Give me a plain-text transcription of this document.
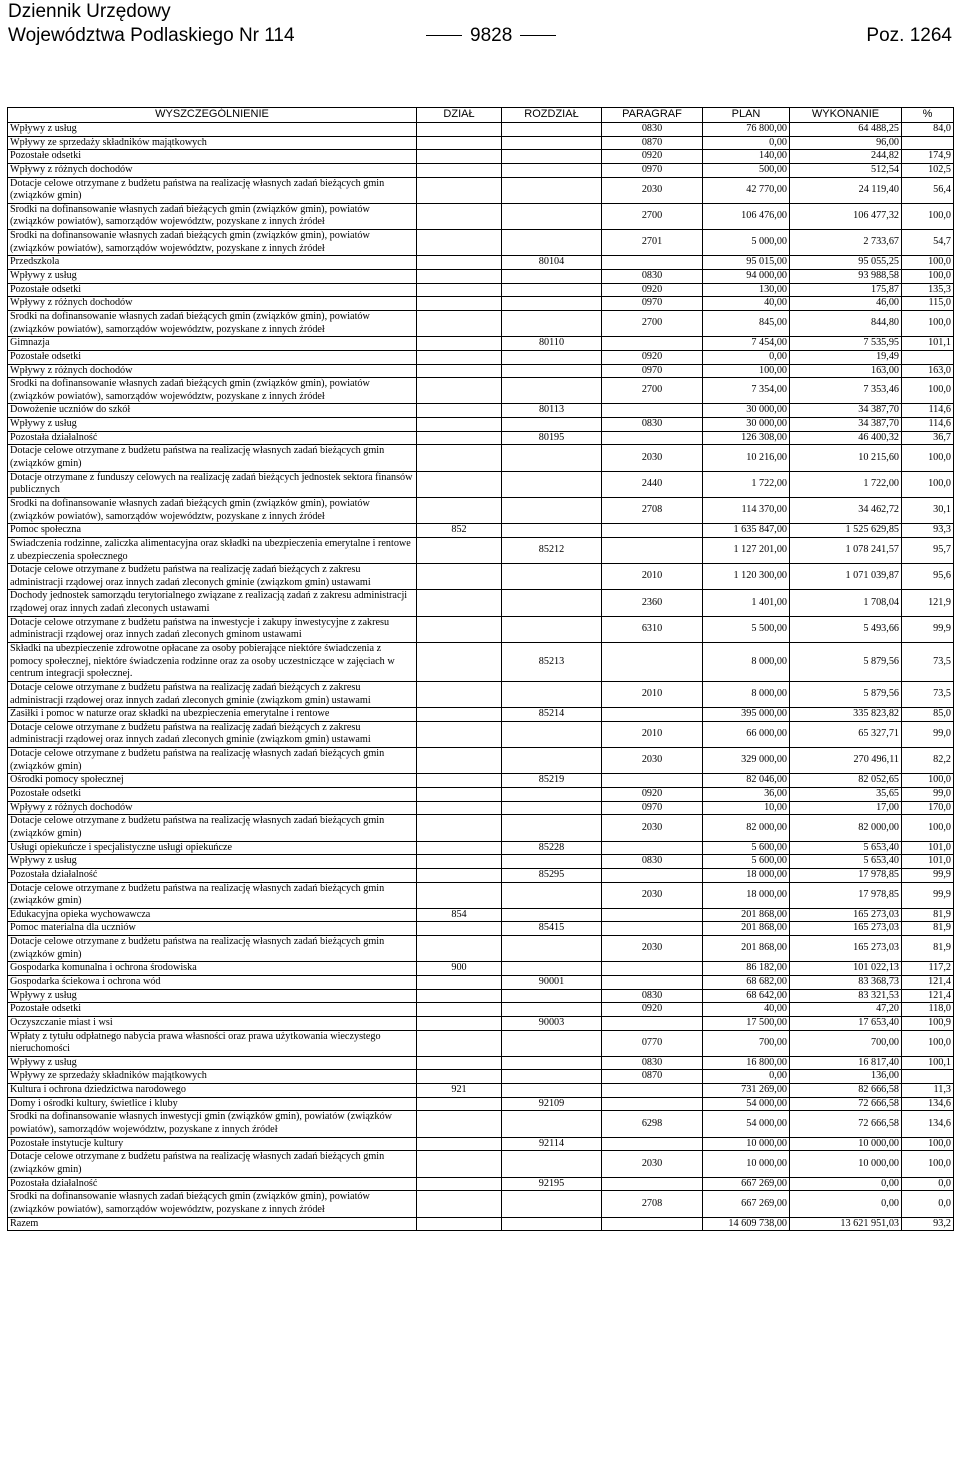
Dziennik Urzędowy
Województwa Podlaskiego Nr 114	9828	Poz. 1264
WYSZCZEGÓLNIENIE	DZIAŁ	ROZDZIAŁ	PARAGRAF	PLAN	WYKONANIE	%
Wpływy z usług			0830	76 800,00	64 488,25	84,0
Wpływy ze sprzedaży składników majątkowych			0870	0,00	96,00	
Pozostałe odsetki			0920	140,00	244,82	174,9
Wpływy z różnych dochodów			0970	500,00	512,54	102,5
Dotacje celowe otrzymane z budżetu państwa na realizację własnych zadań bieżących gmin (związków gmin)			2030	42 770,00	24 119,40	56,4
Środki na dofinansowanie własnych zadań bieżących gmin (związków gmin), powiatów (związków powiatów), samorządów województw, pozyskane z innych źródeł			2700	106 476,00	106 477,32	100,0
Środki na dofinansowanie własnych zadań bieżących gmin (związków gmin), powiatów (związków powiatów), samorządów województw, pozyskane z innych źródeł			2701	5 000,00	2 733,67	54,7
Przedszkola		80104		95 015,00	95 055,25	100,0
Wpływy z usług			0830	94 000,00	93 988,58	100,0
Pozostałe odsetki			0920	130,00	175,87	135,3
Wpływy z różnych dochodów			0970	40,00	46,00	115,0
Środki na dofinansowanie własnych zadań bieżących gmin (związków gmin), powiatów (związków powiatów), samorządów województw, pozyskane z innych źródeł			2700	845,00	844,80	100,0
Gimnazja		80110		7 454,00	7 535,95	101,1
Pozostałe odsetki			0920	0,00	19,49	
Wpływy z różnych dochodów			0970	100,00	163,00	163,0
Środki na dofinansowanie własnych zadań bieżących gmin (związków gmin), powiatów (związków powiatów), samorządów województw, pozyskane z innych źródeł			2700	7 354,00	7 353,46	100,0
Dowożenie uczniów do szkół		80113		30 000,00	34 387,70	114,6
Wpływy z usług			0830	30 000,00	34 387,70	114,6
Pozostała działalność		80195		126 308,00	46 400,32	36,7
Dotacje celowe otrzymane z budżetu państwa na realizację własnych zadań bieżących gmin (związków gmin)			2030	10 216,00	10 215,60	100,0
Dotacje otrzymane z funduszy celowych na realizację zadań bieżących jednostek sektora finansów publicznych			2440	1 722,00	1 722,00	100,0
Środki na dofinansowanie własnych zadań bieżących gmin (związków gmin), powiatów (związków powiatów), samorządów województw, pozyskane z innych źródeł			2708	114 370,00	34 462,72	30,1
Pomoc społeczna	852			1 635 847,00	1 525 629,85	93,3
Świadczenia rodzinne, zaliczka alimentacyjna oraz składki na ubezpieczenia emerytalne i rentowe z ubezpieczenia społecznego		85212		1 127 201,00	1 078 241,57	95,7
Dotacje celowe otrzymane z budżetu państwa na realizację zadań bieżących z zakresu administracji rządowej oraz innych zadań zleconych gminie (związkom gmin) ustawami			2010	1 120 300,00	1 071 039,87	95,6
Dochody jednostek samorządu terytorialnego związane z realizacją zadań z zakresu administracji rządowej oraz innych zadań zleconych ustawami			2360	1 401,00	1 708,04	121,9
Dotacje celowe otrzymane z budżetu państwa na inwestycje i zakupy inwestycyjne z zakresu administracji rządowej oraz innych zadań zleconych gminom ustawami			6310	5 500,00	5 493,66	99,9
Składki na ubezpieczenie zdrowotne opłacane za osoby pobierające niektóre świadczenia z pomocy społecznej, niektóre świadczenia rodzinne oraz za osoby uczestniczące w zajęciach w centrum integracji społecznej.		85213		8 000,00	5 879,56	73,5
Dotacje celowe otrzymane z budżetu państwa na realizację zadań bieżących z zakresu administracji rządowej oraz innych zadań zleconych gminie (związkom gmin) ustawami			2010	8 000,00	5 879,56	73,5
Zasiłki i pomoc w naturze oraz składki na ubezpieczenia emerytalne i rentowe		85214		395 000,00	335 823,82	85,0
Dotacje celowe otrzymane z budżetu państwa na realizację zadań bieżących z zakresu administracji rządowej oraz innych zadań zleconych gminie (związkom gmin) ustawami			2010	66 000,00	65 327,71	99,0
Dotacje celowe otrzymane z budżetu państwa na realizację własnych zadań bieżących gmin (związków gmin)			2030	329 000,00	270 496,11	82,2
Ośrodki pomocy społecznej		85219		82 046,00	82 052,65	100,0
Pozostałe odsetki			0920	36,00	35,65	99,0
Wpływy z różnych dochodów			0970	10,00	17,00	170,0
Dotacje celowe otrzymane z budżetu państwa na realizację własnych zadań bieżących gmin (związków gmin)			2030	82 000,00	82 000,00	100,0
Usługi opiekuńcze i specjalistyczne usługi opiekuńcze		85228		5 600,00	5 653,40	101,0
Wpływy z usług			0830	5 600,00	5 653,40	101,0
Pozostała działalność		85295		18 000,00	17 978,85	99,9
Dotacje celowe otrzymane z budżetu państwa na realizację własnych zadań bieżących gmin (związków gmin)			2030	18 000,00	17 978,85	99,9
Edukacyjna opieka wychowawcza	854			201 868,00	165 273,03	81,9
Pomoc materialna dla uczniów		85415		201 868,00	165 273,03	81,9
Dotacje celowe otrzymane z budżetu państwa na realizację własnych zadań bieżących gmin (związków gmin)			2030	201 868,00	165 273,03	81,9
Gospodarka komunalna i ochrona środowiska	900			86 182,00	101 022,13	117,2
Gospodarka ściekowa i ochrona wód		90001		68 682,00	83 368,73	121,4
Wpływy z usług			0830	68 642,00	83 321,53	121,4
Pozostałe odsetki			0920	40,00	47,20	118,0
Oczyszczanie miast i wsi		90003		17 500,00	17 653,40	100,9
Wpłaty z tytułu odpłatnego nabycia prawa własności oraz prawa użytkowania wieczystego nieruchomości			0770	700,00	700,00	100,0
Wpływy z usług			0830	16 800,00	16 817,40	100,1
Wpływy ze sprzedaży składników majątkowych			0870	0,00	136,00	
Kultura i ochrona dziedzictwa narodowego	921			731 269,00	82 666,58	11,3
Domy i ośrodki kultury, świetlice i kluby		92109		54 000,00	72 666,58	134,6
Środki na dofinansowanie własnych inwestycji gmin (związków gmin), powiatów (związków powiatów), samorządów województw, pozyskane z innych źródeł			6298	54 000,00	72 666,58	134,6
Pozostałe instytucje kultury		92114		10 000,00	10 000,00	100,0
Dotacje celowe otrzymane z budżetu państwa na realizację własnych zadań bieżących gmin (związków gmin)			2030	10 000,00	10 000,00	100,0
Pozostała działalność		92195		667 269,00	0,00	0,0
Środki na dofinansowanie własnych zadań bieżących gmin (związków gmin), powiatów (związków powiatów), samorządów województw, pozyskane z innych źródeł			2708	667 269,00	0,00	0,0
Razem				14 609 738,00	13 621 951,03	93,2
